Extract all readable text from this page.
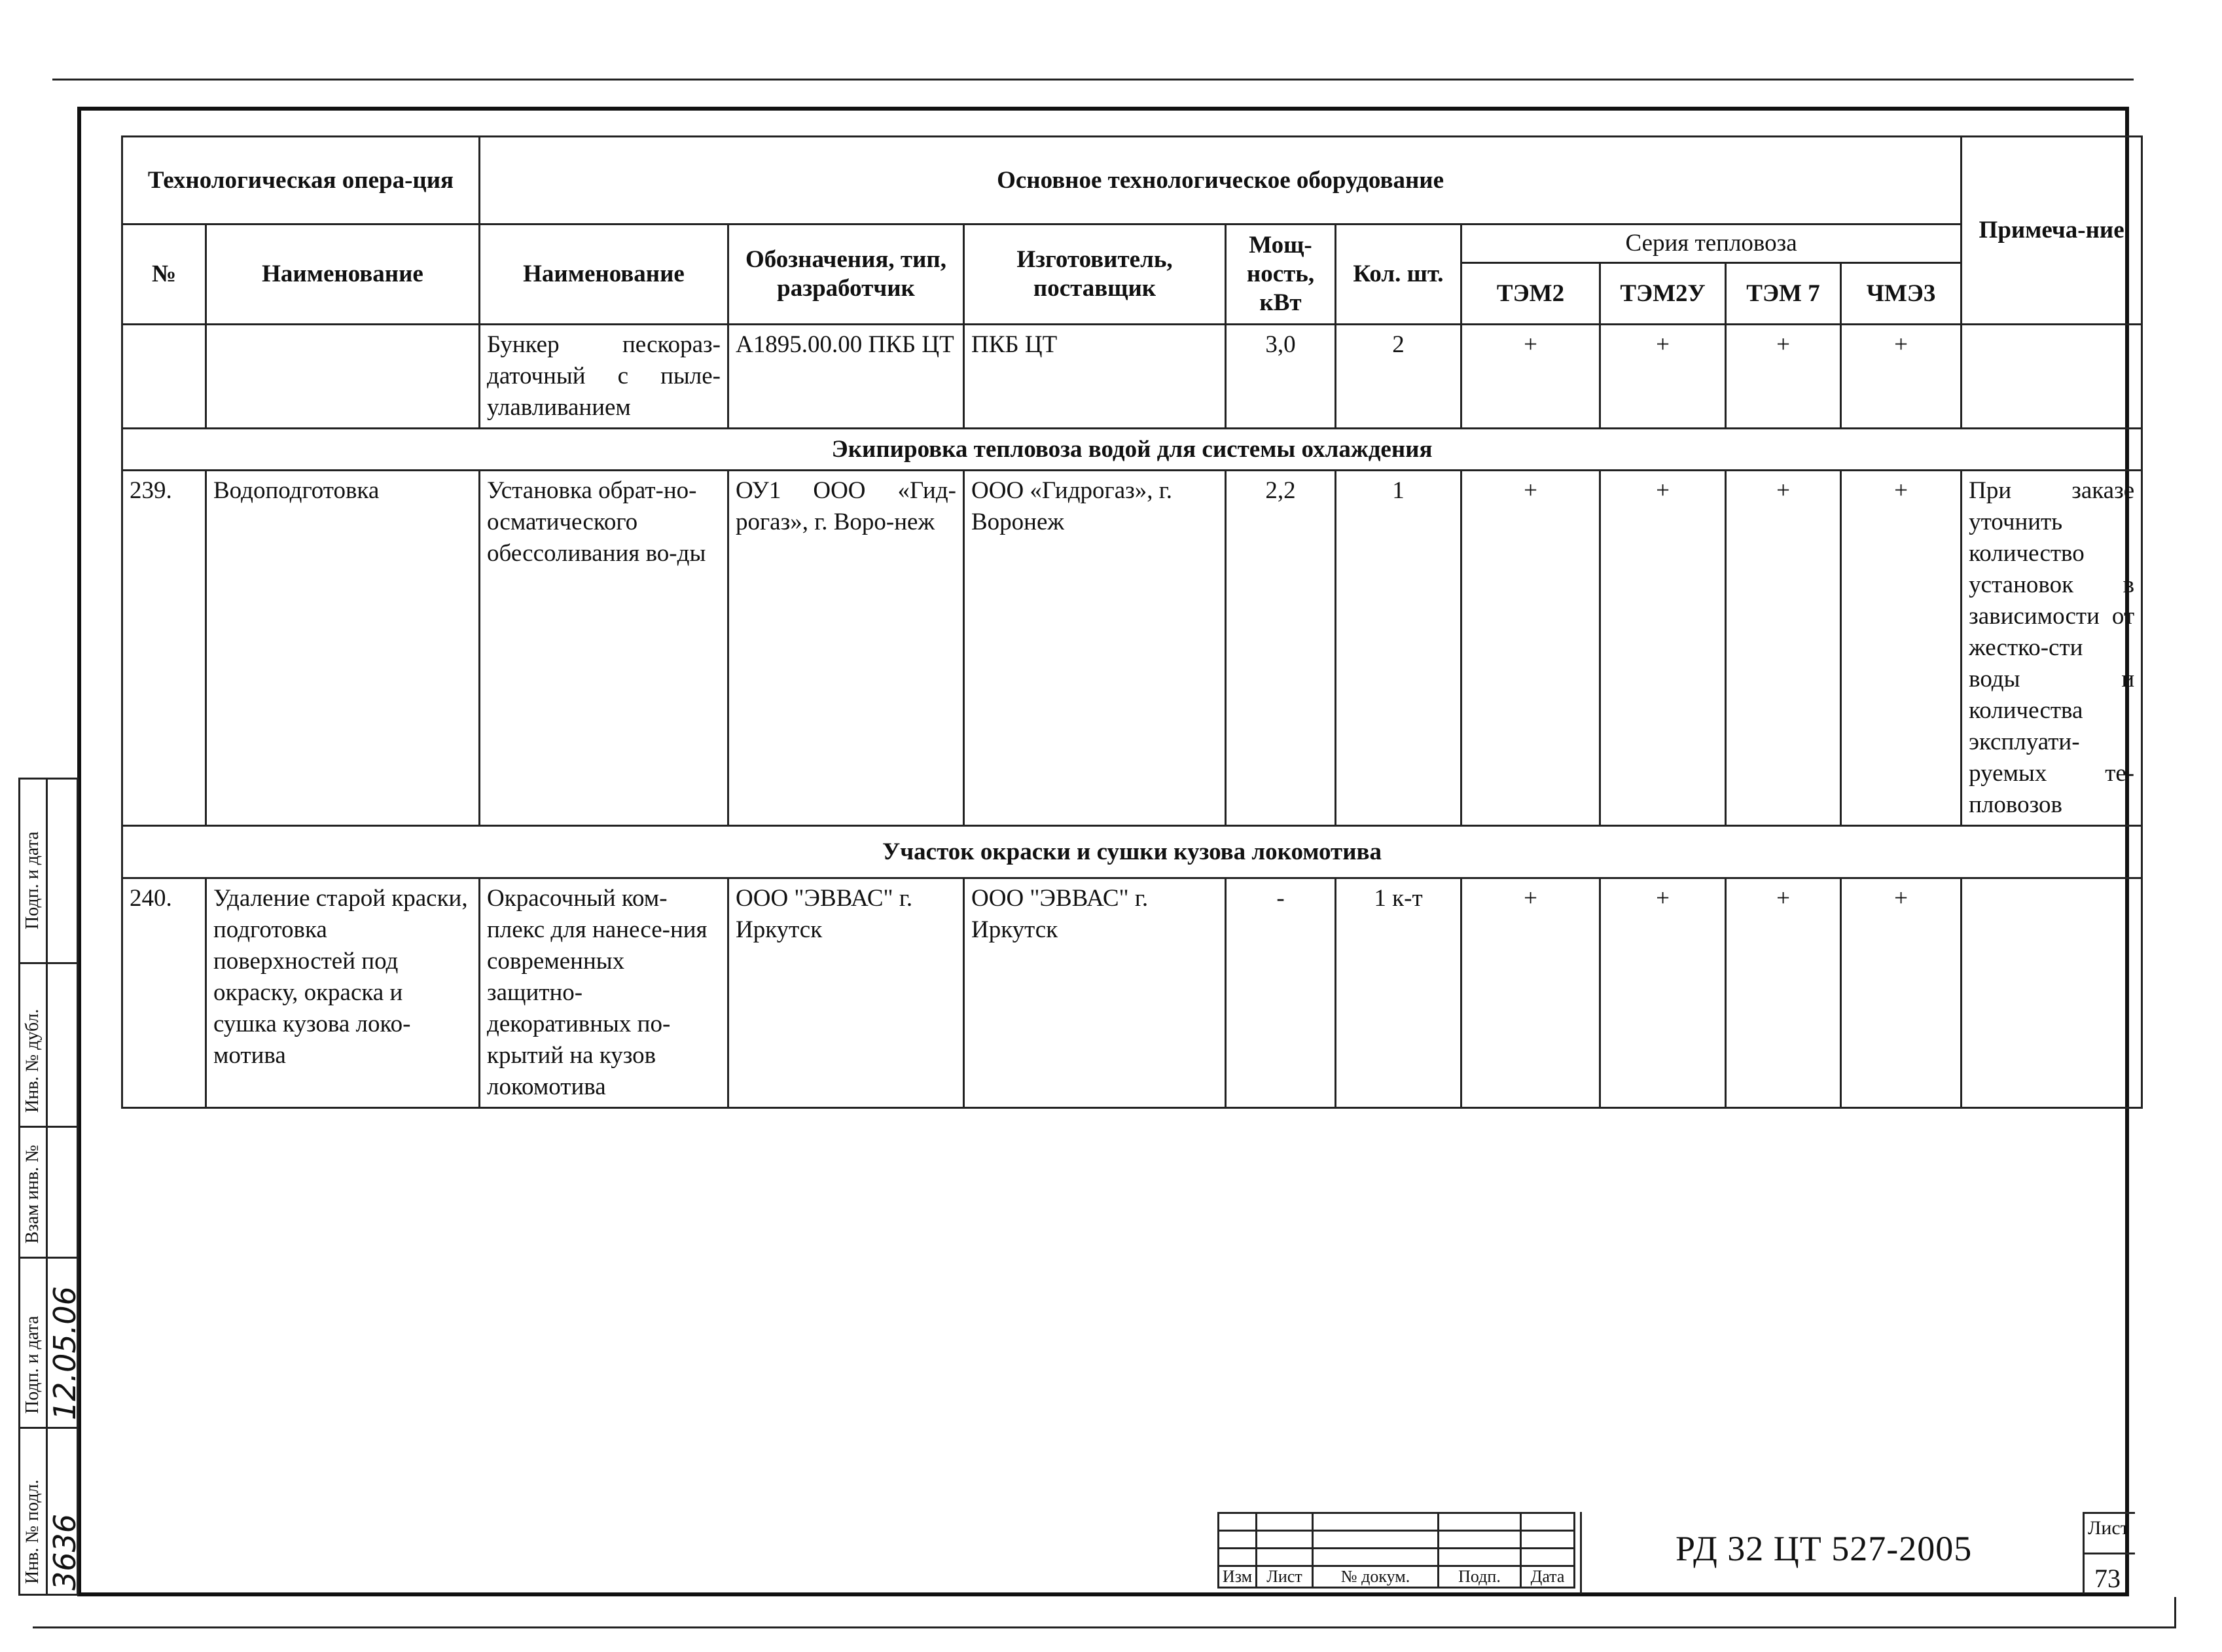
Технологическая опера-ция		Основное технологическое оборудование									Примеча-ние
№	Наименование	Наименование	Обозначения, тип, разработчик	Изготовитель, поставщик	Мощ-ность, кВт	Кол. шт.	Серия тепловоза				
							ТЭМ2	ТЭМ2У	ТЭМ 7	ЧМЭ3	
		Бункер пескораз-даточный с пыле-улавливанием	А1895.00.00 ПКБ ЦТ	ПКБ ЦТ	3,0	2	+	+	+	+	
Экипировка тепловоза водой для системы охлаждения											
239.	Водоподготовка	Установка обрат-но-осматического обессоливания во-ды	ОУ1 ООО «Гид-рогаз», г. Воро-неж	ООО «Гидрогаз», г. Воронеж	2,2	1	+	+	+	+	При заказе уточнить количество установок в зависимости от жестко-сти воды и количества эксплуати-руемых те-пловозов
Участок окраски и сушки кузова локомотива											
240.	Удаление старой краски, подготовка поверхностей под окраску, окраска и сушка кузова локо-мотива	Окрасочный ком-плекс для нанесе-ния современных защитно-декоративных по-крытий на кузов локомотива	ООО "ЭВВАС" г. Иркутск	ООО "ЭВВАС" г. Иркутск	-	1 к-т	+	+	+	+	

Изм	Лист	№ докум.	Подп.	Дата
РД 32 ЦТ 527-2005
Лист
73
Подп. и дата
Инв. № дубл.
Взам инв. №
Подп. и дата
Инв. № подл.
12.05.06
3636
